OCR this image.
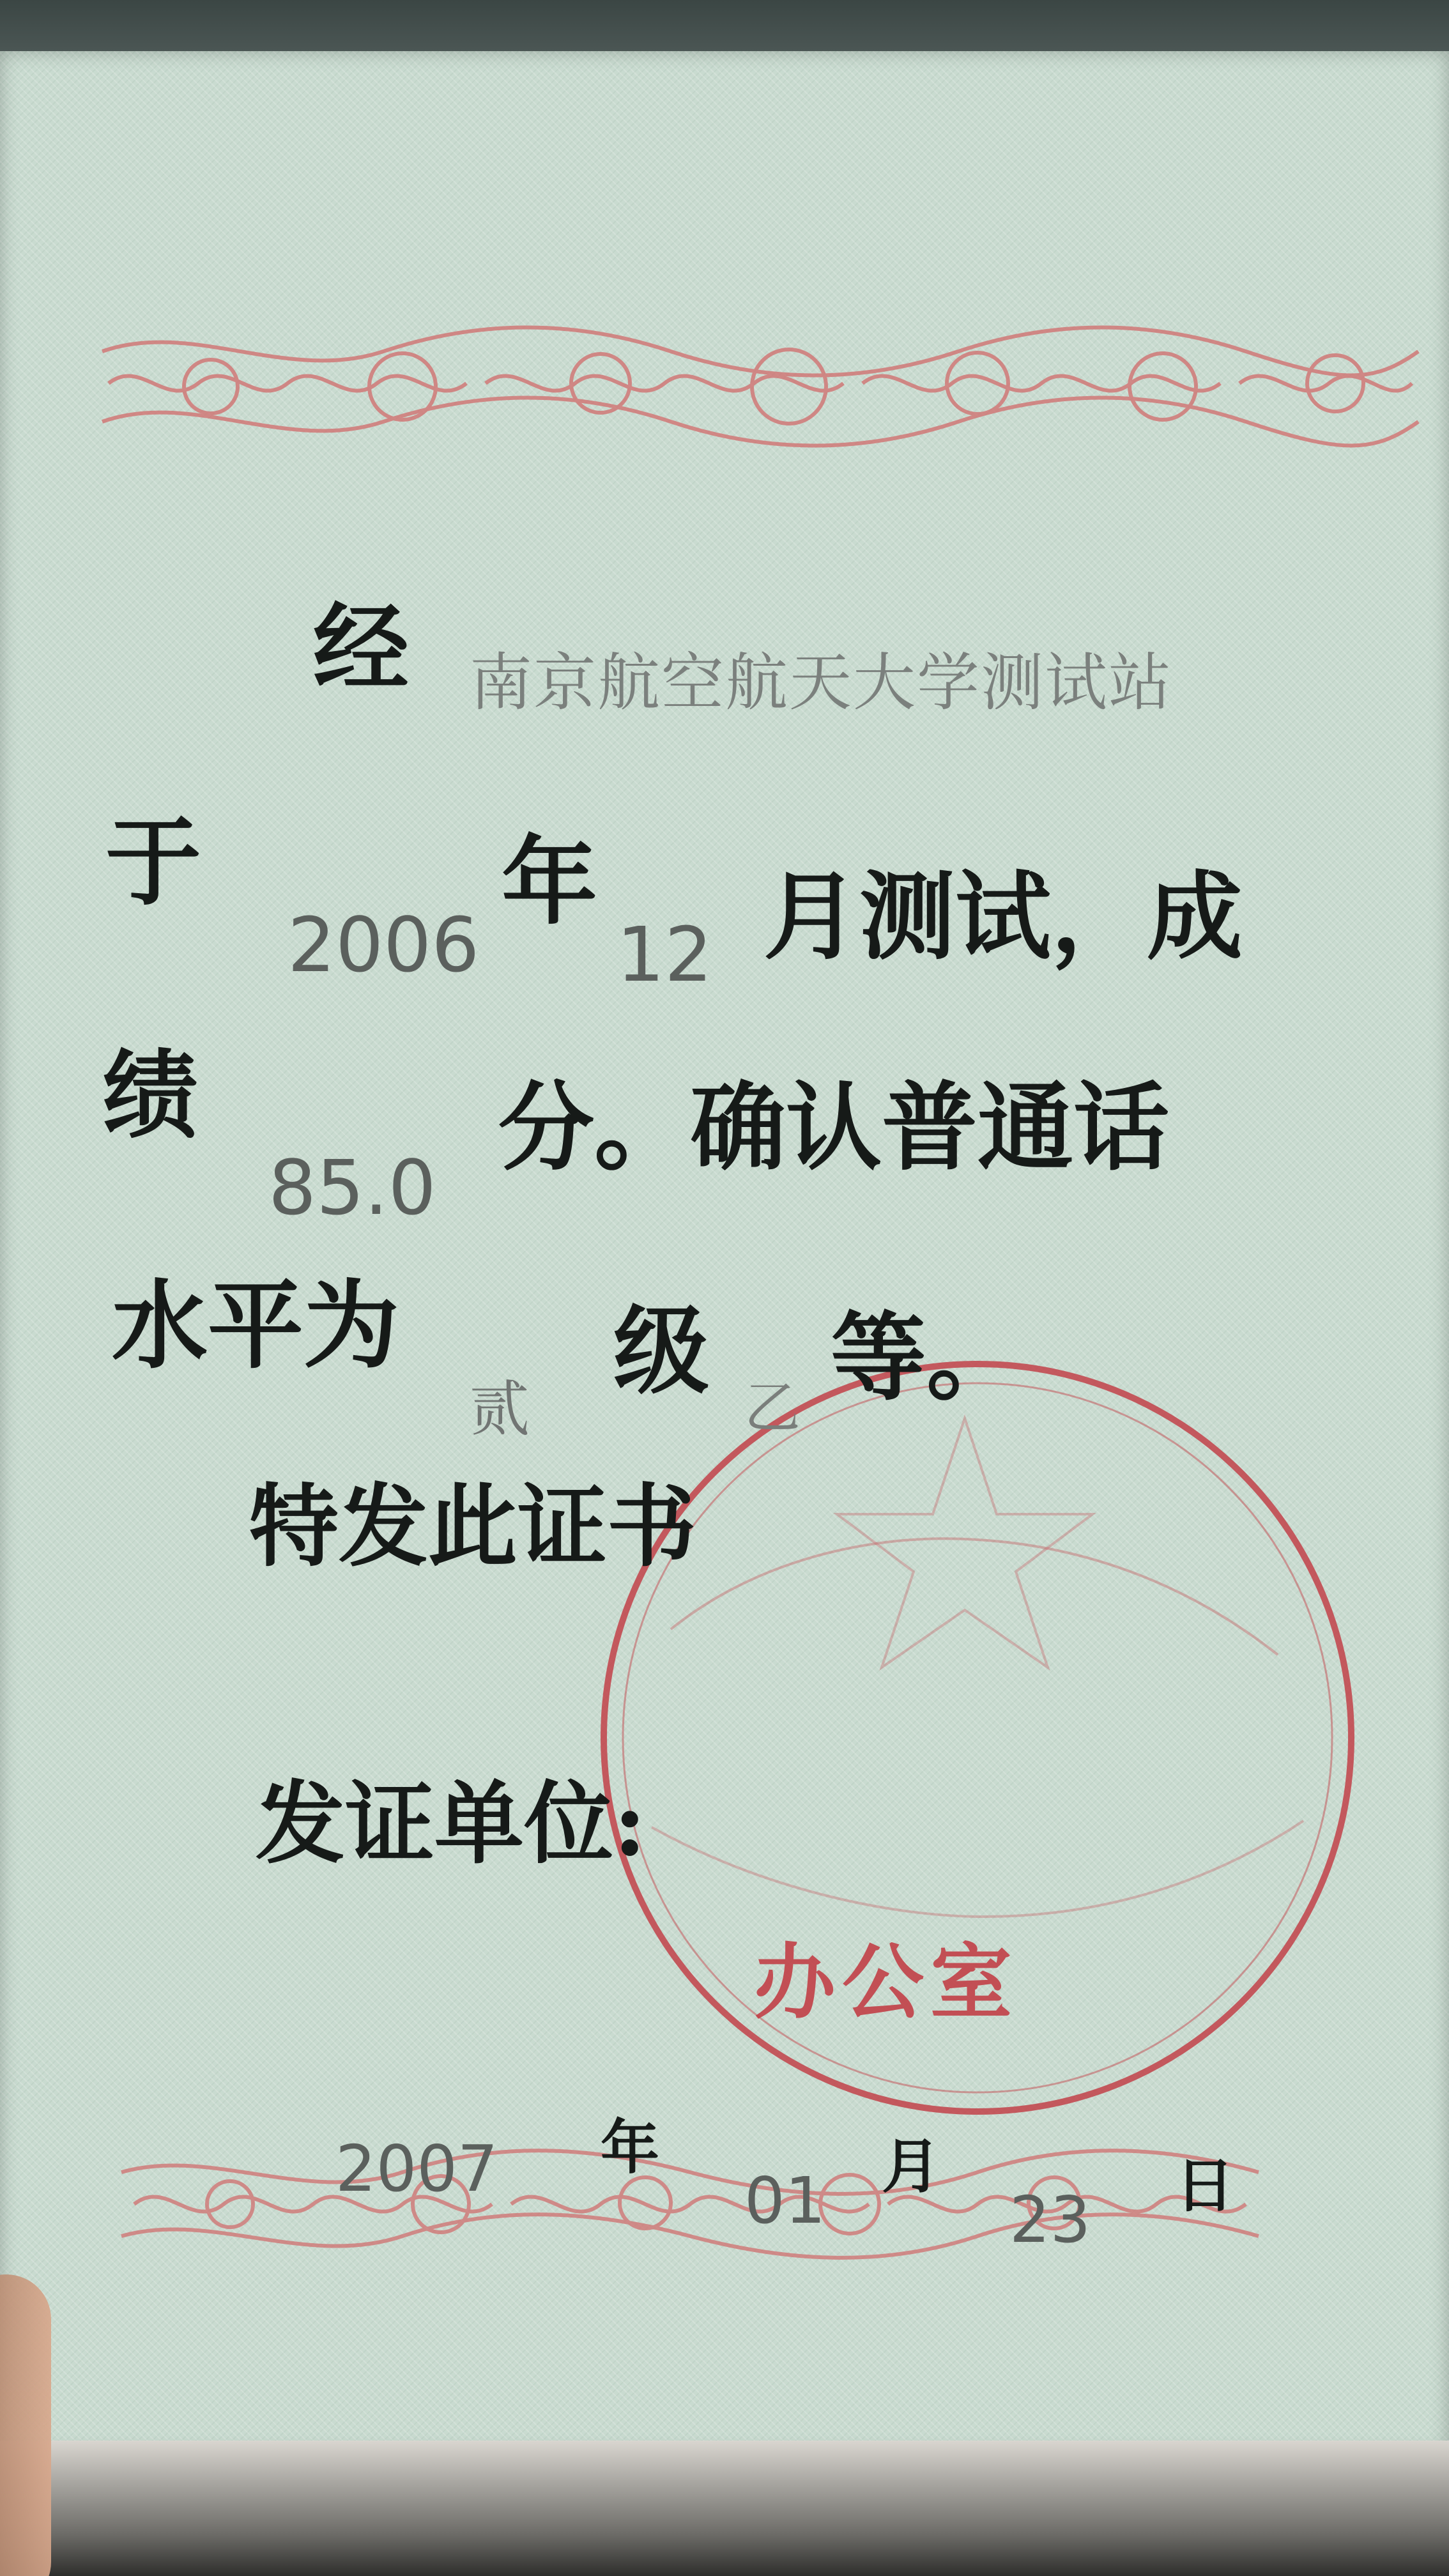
经 南京航空航天大学测试站
于
2006
年
12 月测试，成
绩
85.0
分。确认普通话
水平为
贰
级
乙 等。
特发此证书
发证单位:
办公室
2007 年
01 月
23 日
